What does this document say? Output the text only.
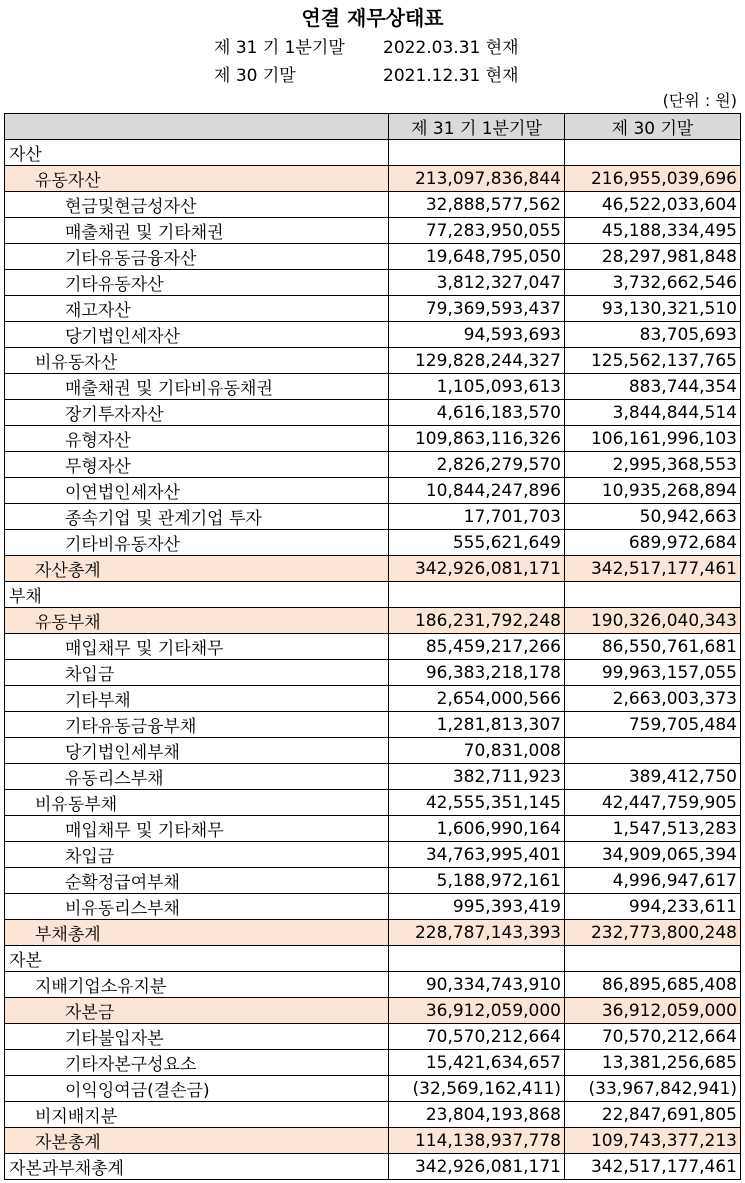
연결 재무상태표
제 31 기 1분기말 2022.03.31 현재
제 30 기말	2021.12.31 현재
(단위 : 원)
	제 31 기 1분기말	제 30 기말
자산		
유동자산	213,097,836,844	216,955,039,696
현금및현금성자산	32,888,577,562	46,522,033,604
매출채권 및 기타채권	77,283,950,055	45,188,334,495
기타유동금융자산	19,648,795,050	28,297,981,848
기타유동자산	3,812,327,047	3,732,662,546
재고자산	79,369,593,437	93,130,321,510
당기법인세자산	94,593,693	83,705,693
비유동자산	129,828,244,327	125,562,137,765
매출채권 및 기타비유동채권	1,105,093,613	883,744,354
장기투자자산	4,616,183,570	3,844,844,514
유형자산	109,863,116,326	106,161,996,103
무형자산	2,826,279,570	2,995,368,553
이연법인세자산	10,844,247,896	10,935,268,894
종속기업 및 관계기업 투자	17,701,703	50,942,663
기타비유동자산	555,621,649	689,972,684
자산총계	342,926,081,171	342,517,177,461
부채		
유동부채	186,231,792,248	190,326,040,343
매입채무 및 기타채무	85,459,217,266	86,550,761,681
차입금	96,383,218,178	99,963,157,055
기타부채	2,654,000,566	2,663,003,373
기타유동금융부채	1,281,813,307	759,705,484
당기법인세부채	70,831,008	
유동리스부채	382,711,923	389,412,750
비유동부채	42,555,351,145	42,447,759,905
매입채무 및 기타채무	1,606,990,164	1,547,513,283
차입금	34,763,995,401	34,909,065,394
순확정급여부채	5,188,972,161	4,996,947,617
비유동리스부채	995,393,419	994,233,611
부채총계	228,787,143,393	232,773,800,248
자본		
지배기업소유지분	90,334,743,910	86,895,685,408
자본금	36,912,059,000	36,912,059,000
기타불입자본	70,570,212,664	70,570,212,664
기타자본구성요소	15,421,634,657	13,381,256,685
이익잉여금(결손금)	(32,569,162,411)	(33,967,842,941)
비지배지분	23,804,193,868	22,847,691,805
자본총계	114,138,937,778	109,743,377,213
자본과부채총계	342,926,081,171	342,517,177,461
